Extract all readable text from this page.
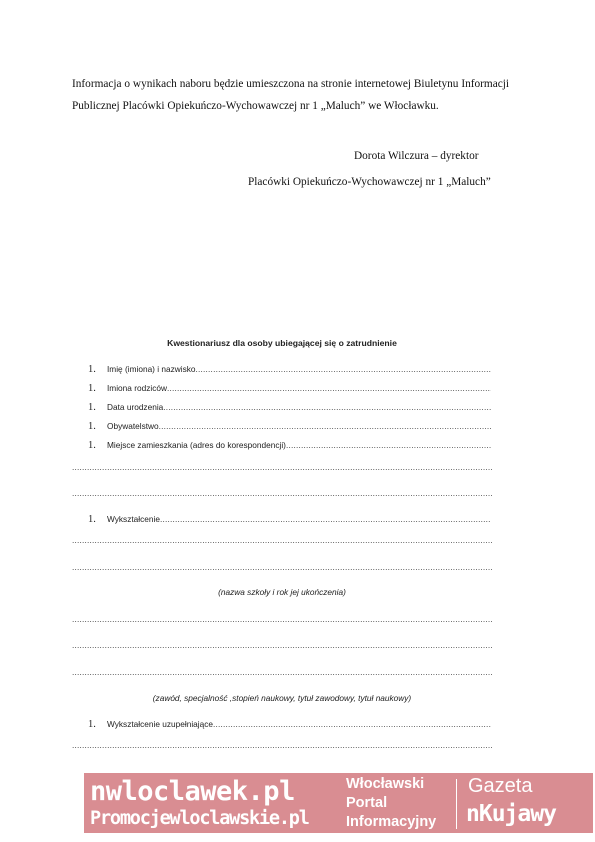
Informacja o wynikach naboru będzie umieszczona na stronie internetowej Biuletynu Informacji Publicznej Placówki Opiekuńczo-Wychowawczej nr 1 „Maluch” we Włocławku.

Dorota Wilczura – dyrektor
Placówki Opiekuńczo-Wychowawczej nr 1 „Maluch”
Kwestionariusz dla osoby ubiegającej się o zatrudnienie
1.	Imię (imiona) i nazwisko
.....
1.	Imiona rodziców
.....
1.	Data urodzenia
.....
1.	Obywatelstwo
.....
1.	Miejsce zamieszkania (adres do korespondencji)
.....
.....
.....
1.	Wykształcenie
.....
.....
.....
(nazwa szkoły i rok jej ukończenia)
.....
.....
.....
(zawód, specjalność ,stopień naukowy, tytuł zawodowy, tytuł naukowy)
1.	Wykształcenie uzupełniające
.....
.....
nwloclawek.pl
Promocjewloclawskie.pl
Włocławski
Portal
Informacyjny
Gazeta
nKujawy
